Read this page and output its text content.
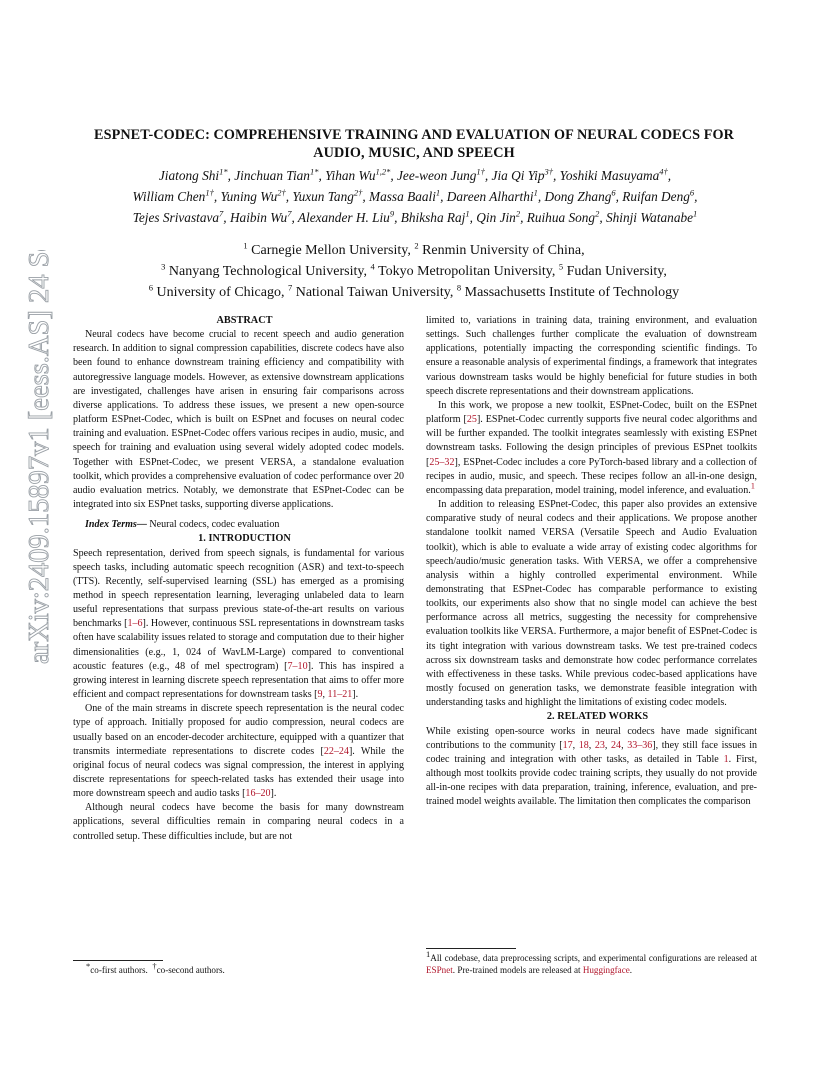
arXiv:2409.15897v1 [eess.AS] 24 Sep 2024
ESPNET-CODEC: COMPREHENSIVE TRAINING AND EVALUATION OF NEURAL CODECS FOR AUDIO, MUSIC, AND SPEECH
Jiatong Shi$^{1*}$, Jinchuan Tian$^{1*}$, Yihan $Wu^{1,2*}$, Jee-weon Jung$^{1\dagger}$, Jia Qi Yip$^{3\dagger}$, Yoshiki Masuyama$^{4\dagger}$,
William Chen$^{1\dagger}$, Yuning $Wu^{2\dagger}$, Yuxun Tang$^{2\dagger}$, Massa Baali$^1$, Dareen Alharthi$^1$, Dong Zhang$^6$, Ruifan Deng$^6$,
Tejes Srivastava$^7$, Haibin Wu$^7$, Alexander H. Liu$^9$, Bhiksha Raj$^1$, Qin Jin$^2$, Ruihua Song$^2$, Shinji Watanabe$^1$
$^1$ Carnegie Mellon University, $^2$ Renmin University of China,
$^3$ Nanyang Technological University, $^4$ Tokyo Metropolitan University, $^5$ Fudan University,
$^6$ University of Chicago, $^7$ National Taiwan University, $^8$ Massachusetts Institute of Technology

ABSTRACT

Neural codecs have become crucial to recent speech and audio generation research. In addition to signal compression capabilities, discrete codecs have also been found to enhance downstream training efficiency and compatibility with autoregressive language models. However, as extensive downstream applications are investigated, challenges have arisen in ensuring fair comparisons across diverse applications. To address these issues, we present a new open-source platform ESPnet-Codec, which is built on ESPnet and focuses on neural codec training and evaluation. ESPnet-Codec offers various recipes in audio, music, and speech for training and evaluation using several widely adopted codec models. Together with ESPnet-Codec, we present VERSA, a standalone evaluation toolkit, which provides a comprehensive evaluation of codec performance over 20 audio evaluation metrics. Notably, we demonstrate that ESPnet-Codec can be integrated into six ESPnet tasks, supporting diverse applications.

Index Terms— Neural codecs, codec evaluation

1. INTRODUCTION

Speech representation, derived from speech signals, is fundamental for various speech tasks, including automatic speech recognition (ASR) and text-to-speech (TTS). Recently, self-supervised learning (SSL) has emerged as a promising method in speech representation learning, leveraging unlabeled data to learn useful representations that surpass previous state-of-the-art results on various benchmarks [1–6]. However, continuous SSL representations in downstream tasks often have scalability issues related to storage and computation due to their higher dimensionalities (e.g., 1, 024 of WavLM-Large) compared to conventional acoustic features (e.g., 48 of mel spectrogram) [7–10]. This has inspired a growing interest in learning discrete speech representation that aims to offer more efficient and compact representations for downstream tasks [9, 11–21].

One of the main streams in discrete speech representation is the neural codec type of approach. Initially proposed for audio compression, neural codecs are usually based on an encoder-decoder architecture, equipped with a quantizer that transmits intermediate representations to discrete codes [22–24]. While the original focus of neural codecs was signal compression, the interest in applying discrete representations for speech-related tasks has extended their usage into more downstream speech and audio tasks [16–20].

Although neural codecs have become the basis for many downstream applications, several difficulties remain in comparing neural codecs in a controlled setup. These difficulties include, but are not

limited to, variations in training data, training environment, and evaluation settings. Such challenges further complicate the evaluation of downstream applications, potentially impacting the corresponding scientific findings. To ensure a reasonable analysis of experimental findings, a framework that integrates various downstream tasks would be highly beneficial for future studies in both speech discrete representations and their downstream applications.

In this work, we propose a new toolkit, ESPnet-Codec, built on the ESPnet platform [25]. ESPnet-Codec currently supports five neural codec algorithms and will be further expanded. The toolkit integrates seamlessly with existing ESPnet downstream tasks. Following the design principles of previous ESPnet toolkits [25–32], ESPnet-Codec includes a core PyTorch-based library and a collection of recipes in audio, music, and speech. These recipes follow an all-in-one design, encompassing data preparation, model training, model inference, and evaluation.$^1$

In addition to releasing ESPnet-Codec, this paper also provides an extensive comparative study of neural codecs and their applications. We propose another standalone toolkit named VERSA (Versatile Speech and Audio Evaluation toolkit), which is able to evaluate a wide array of existing codec algorithms for speech/audio/music generation tasks. With VERSA, we offer a comprehensive analysis within a highly controlled experimental environment. While demonstrating that ESPnet-Codec has comparable performance to existing toolkits, our experiments also show that no single model can achieve the best performance across all metrics, suggesting the necessity for comprehensive evaluation toolkits like VERSA. Furthermore, a major benefit of ESPnet-Codec is its tight integration with various downstream tasks. We test pre-trained codecs across six downstream tasks and demonstrate how codec performance correlates with effectiveness in these tasks. While previous codec-based applications have mostly focused on generation tasks, we demonstrate feasible integration with understanding tasks and highlight the limitations of existing codec models.

2. RELATED WORKS

While existing open-source works in neural codecs have made significant contributions to the community [17, 18, 23, 24, 33–36], they still face issues in codec training and integration with other tasks, as detailed in Table 1. First, although most toolkits provide codec training scripts, they usually do not provide all-in-one recipes with data preparation, training, inference, evaluation, and pre-trained model weights available. The limitation then complicates the comparison

*co-first authors. †co-second authors.
$^1$All codebase, data preprocessing scripts, and experimental configurations are released at ESPnet. Pre-trained models are released at Huggingface.
